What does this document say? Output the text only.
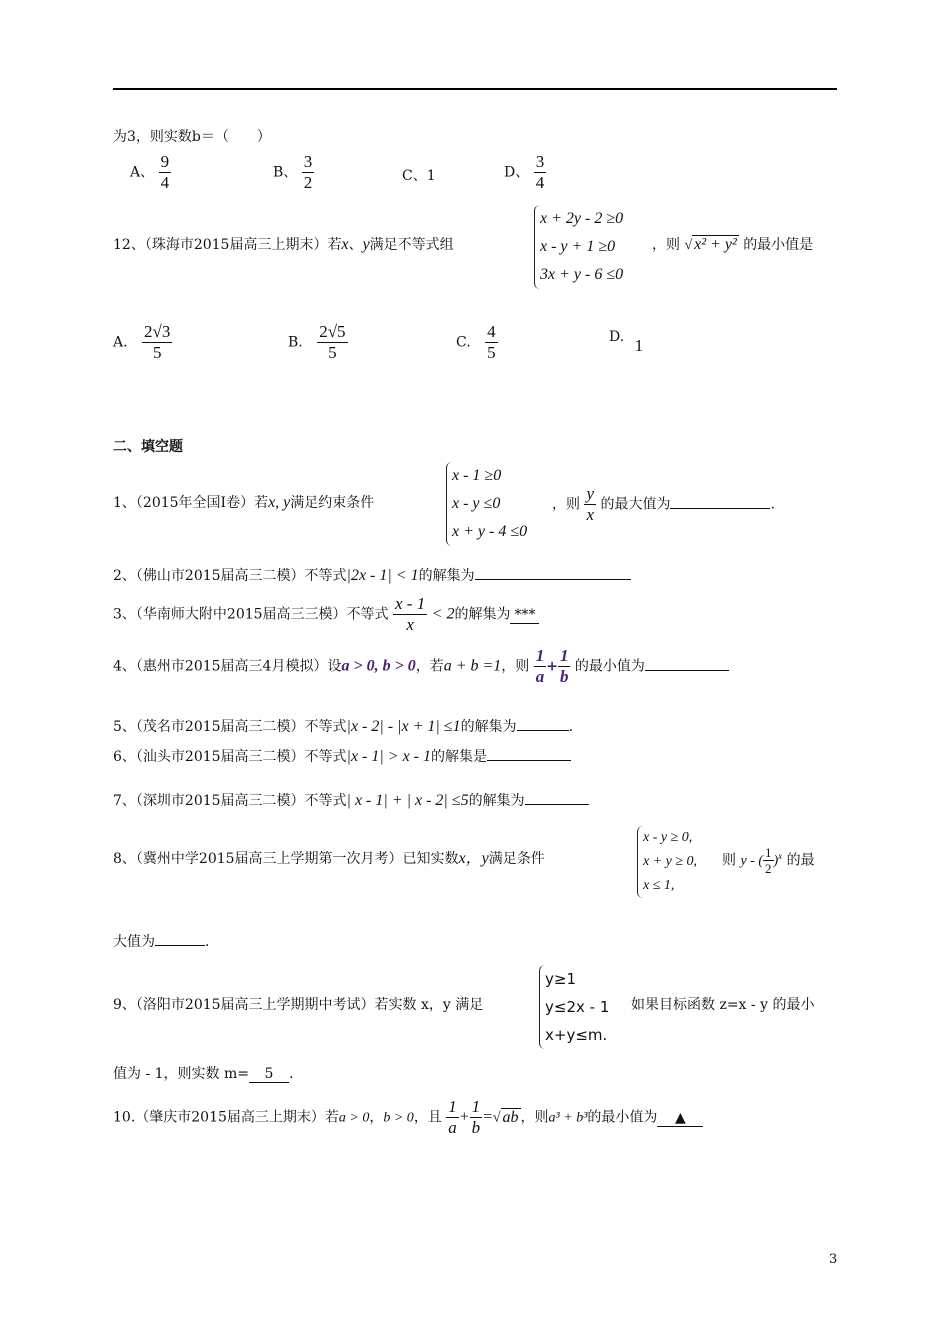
为3，则实数b＝（　　）
A、 $\frac{9}{4}$	B、 $\frac{3}{2}$	C、1	D、 $\frac{3}{4}$
12、（珠海市2015届高三上期末）若x、y满足不等式组
x + 2y - 2 ≥0
x - y + 1 ≥0
3x + y - 6 ≤0
，则 √ x² + y² 的最小值是
A. $\frac{2√3}{5}$	B. $\frac{2√5}{5}$	C. $\frac{4}{5}$	D. 1
二、填空题
1、（2015年全国Ⅰ卷）若x, y满足约束条件
x - 1 ≥0
x - y ≤0
x + y - 4 ≤0
，则 $\frac{y}{x}$ 的最大值为	.
2、（佛山市2015届高三二模）不等式|2x - 1| < 1的解集为
3、（华南师大附中2015届高三三模）不等式 $\frac{x - 1}{x} < 2$的解集为 ***
4、（惠州市2015届高三4月模拟）设a > 0, b > 0，若a + b =1，则 $\frac{1}{a} + \frac{1}{b}$ 的最小值为
5、（茂名市2015届高三二模）不等式|x - 2| - |x + 1| ≤1的解集为	.
6、（汕头市2015届高三二模）不等式|x - 1| > x - 1的解集是
7、（深圳市2015届高三二模）不等式| x - 1| + | x - 2| ≤5的解集为
8、（冀州中学2015届高三上学期第一次月考）已知实数x，y满足条件
x - y ≥ 0,
x + y ≥ 0,
x ≤ 1,
则 y - ( $\frac{1}{2} )^x$ 的最
大值为	.
9、（洛阳市2015届高三上学期期中考试）若实数 x，y 满足
y≥1
y≤2x - 1
x+y≤m.
如果目标函数 z=x - y 的最小
值为 - 1，则实数 m= 5 .
10.（肇庆市2015届高三上期末）若a > 0，b > 0，且 $\frac{1}{a} + \frac{1}{b}$ =√ ab ，则a³ + b³的最小值为 ▲
3
